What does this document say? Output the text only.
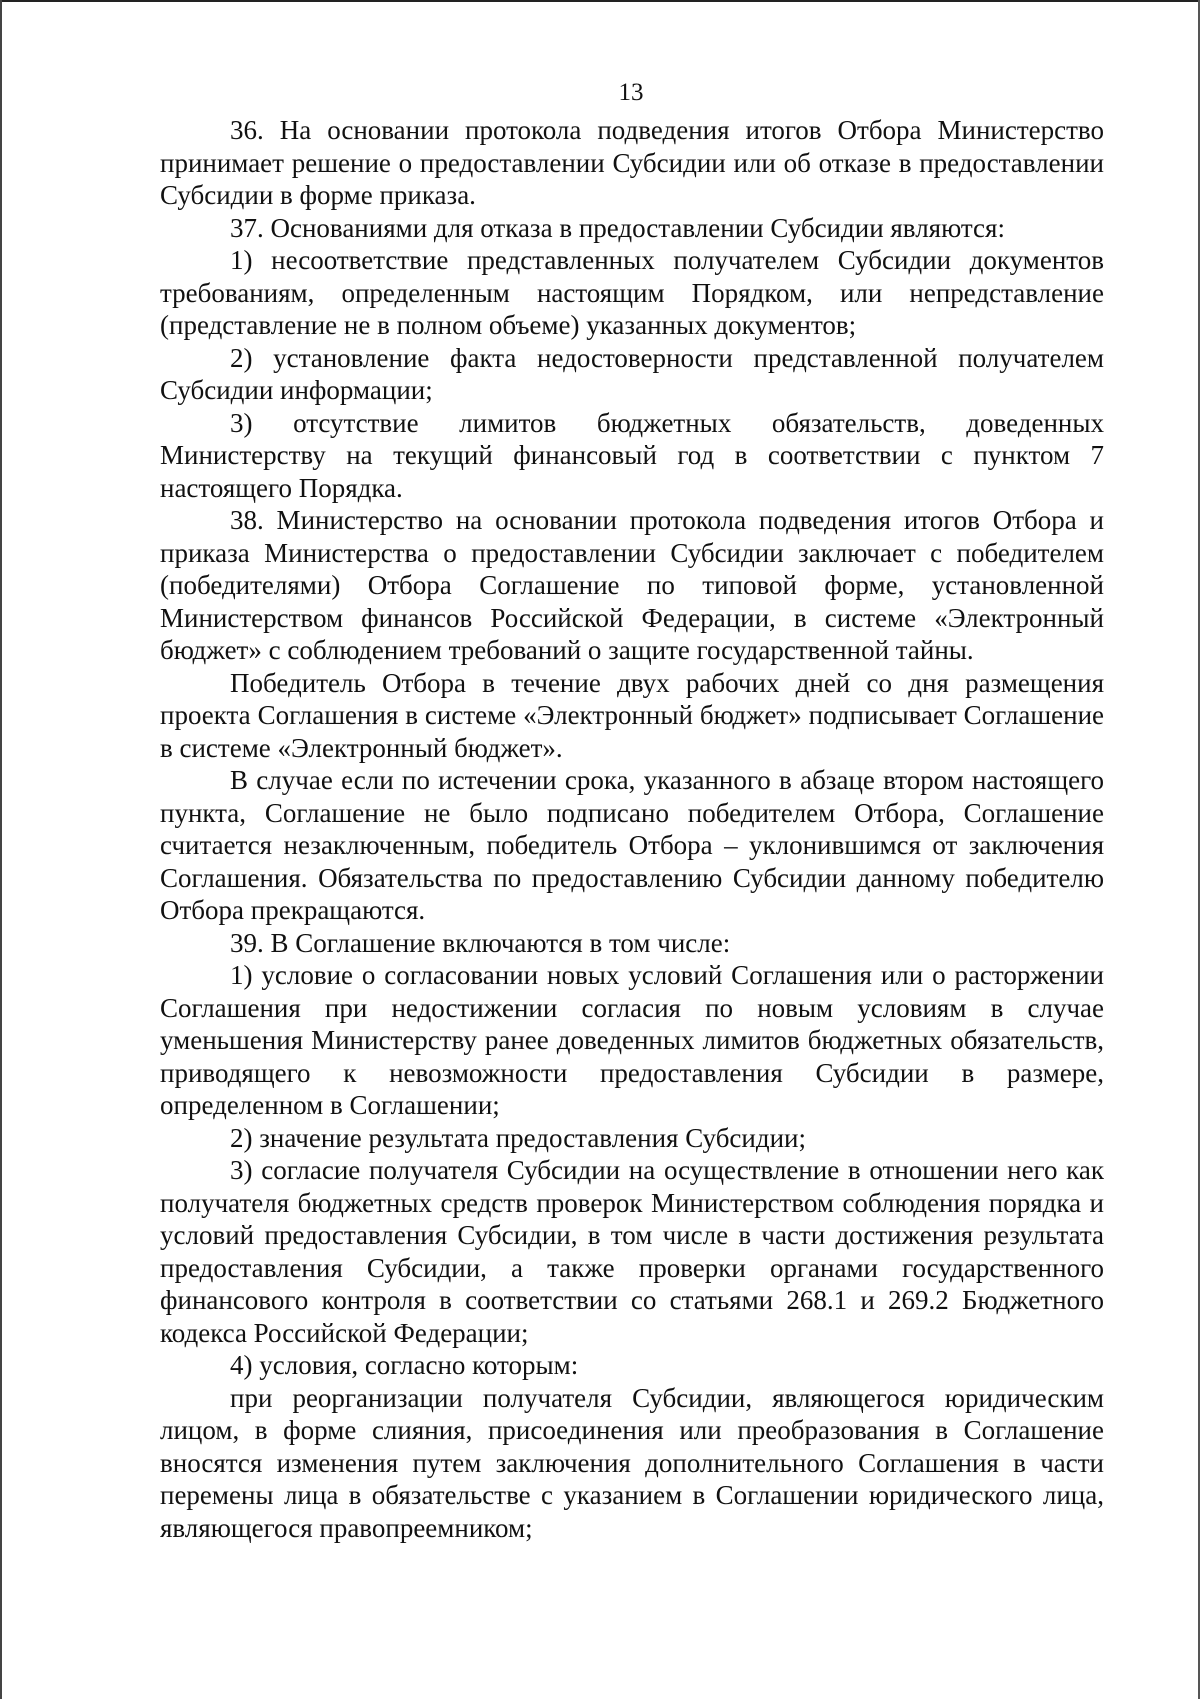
13

36. На основании протокола подведения итогов Отбора Министерство принимает решение о предоставлении Субсидии или об отказе в предоставлении Субсидии в форме приказа.

37. Основаниями для отказа в предоставлении Субсидии являются:

1) несоответствие представленных получателем Субсидии документов требованиям, определенным настоящим Порядком, или непредставление (представление не в полном объеме) указанных документов;

2) установление факта недостоверности представленной получателем Субсидии информации;

3) отсутствие лимитов бюджетных обязательств, доведенных Министерству на текущий финансовый год в соответствии с пунктом 7 настоящего Порядка.

38. Министерство на основании протокола подведения итогов Отбора и приказа Министерства о предоставлении Субсидии заключает с победителем (победителями) Отбора Соглашение по типовой форме, установленной Министерством финансов Российской Федерации, в системе «Электронный бюджет» с соблюдением требований о защите государственной тайны.

Победитель Отбора в течение двух рабочих дней со дня размещения проекта Соглашения в системе «Электронный бюджет» подписывает Соглашение в системе «Электронный бюджет».

В случае если по истечении срока, указанного в абзаце втором настоящего пункта, Соглашение не было подписано победителем Отбора, Соглашение считается незаключенным, победитель Отбора – уклонившимся от заключения Соглашения. Обязательства по предоставлению Субсидии данному победителю Отбора прекращаются.

39. В Соглашение включаются в том числе:

1) условие о согласовании новых условий Соглашения или о расторжении Соглашения при недостижении согласия по новым условиям в случае уменьшения Министерству ранее доведенных лимитов бюджетных обязательств, приводящего к невозможности предоставления Субсидии в размере, определенном в Соглашении;

2) значение результата предоставления Субсидии;

3) согласие получателя Субсидии на осуществление в отношении него как получателя бюджетных средств проверок Министерством соблюдения порядка и условий предоставления Субсидии, в том числе в части достижения результата предоставления Субсидии, а также проверки органами государственного финансового контроля в соответствии со статьями 268.1 и 269.2 Бюджетного кодекса Российской Федерации;

4) условия, согласно которым:

при реорганизации получателя Субсидии, являющегося юридическим лицом, в форме слияния, присоединения или преобразования в Соглашение вносятся изменения путем заключения дополнительного Соглашения в части перемены лица в обязательстве с указанием в Соглашении юридического лица, являющегося правопреемником;
